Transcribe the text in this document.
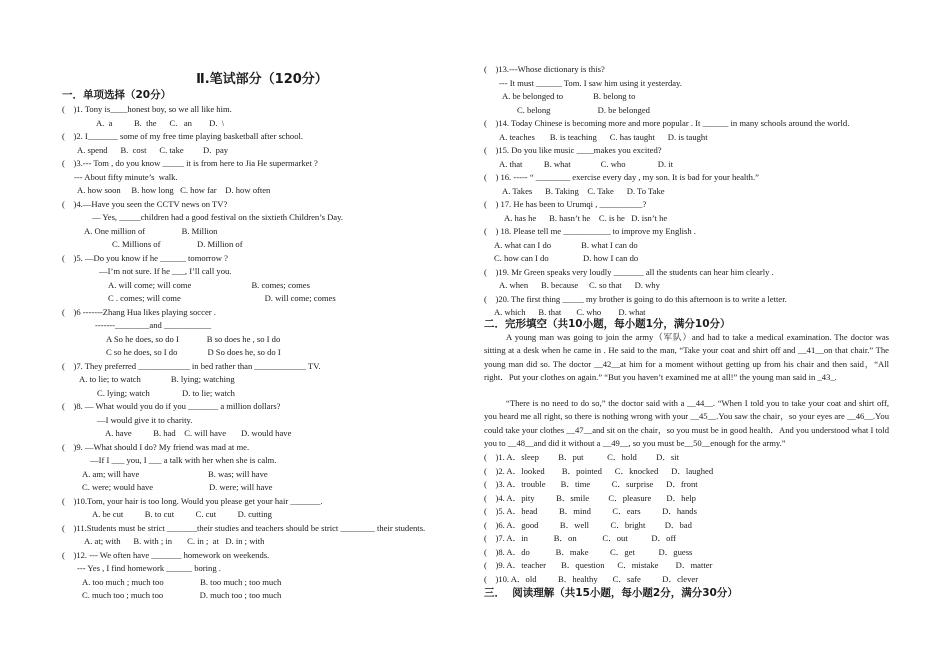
Ⅱ.笔试部分（120分）
一．单项选择（20分）
(    )1. Tony is____honest boy, so we all like him.
A.  a          B.  the      C.   an        D.  \
(    )2. I_______ some of my free time playing basketball after school.
A. spend      B.  cost      C. take         D.  pay
(    )3.--- Tom , do you know _____ it is from here to Jia He supermarket ?
--- About fifty minute’s  walk.
A. how soon     B. how long   C. how far    D. how often
(    )4.—Have you seen the CCTV news on TV?
— Yes, _____children had a good festival on the sixtieth Children’s Day.
A. One million of                 B. Million
C. Millions of                 D. Million of
(    )5. —Do you know if he ______ tomorrow ?
—I’m not sure. If he ___, I’ll call you.
A. will come; will come                            B. comes; comes
C . comes; will come                                       D. will come; comes
(    )6 -------Zhang Hua likes playing soccer .
-------________and ___________
A So he does, so do I             B so does he , so I do
C so he does, so I do              D So does he, so do I
(    )7. They preferred ____________ in bed rather than ____________ TV.
A. to lie; to watch              B. lying; watching
C. lying; watch               D. to lie; watch
(    )8. — What would you do if you _______ a million dollars?
—I would give it to charity.
A. have          B. had    C. will have       D. would have
(    )9. —What should I do? My friend was mad at me.
—If I ___ you, I ___ a talk with her when she is calm.
A. am; will have                                B. was; will have
C. were; would have                          D. were; will have
(    )10.Tom, your hair is too long. Would you please get your hair _______.
A. be cut          B. to cut          C. cut          D. cutting
(    )11.Students must be strict _______their studies and teachers should be strict ________ their students.
A. at; with      B. with ; in       C. in ;  at   D. in ; with
(    )12. --- We often have _______ homework on weekends.
--- Yes , I find homework ______ boring .
A. too much ; much too                 B. too much ; too much
C. much too ; much too                 D. much too ; too much
二．完形填空（共10小题，每小题1分，满分10分）
A young man was going to join the army（军队）and had to take a medical examination. The doctor was sitting at a desk when he came in . He said to the man, “Take your coat and shirt off and __41__on that chair.” The young man did so. The doctor __42__at him for a moment without getting up from his chair and then said，“All right．Put your clothes on again.” “But you haven’t examined me at all!” the young man said in _43_.
“There is no need to do so,” the doctor said with a __44__. “When I told you to take your coat and shirt off, you heard me all right, so there is nothing wrong with your __45__.You saw the chair，so your eyes are __46__.You could take your clothes __47__and sit on the chair，so you must be in good health．And you understood what I told you to __48__and did it without a __49__, so you must be__50__enough for the army.”
三．  阅读理解（共15小题，每小题2分，满分30分）
(    )13.---Whose dictionary is this?
--- It must ______ Tom. I saw him using it yesterday.
A. be belonged to              B. belong to
C. belong                      D. be belonged
(    )14. Today Chinese is becoming more and more popular . It ______ in many schools around the world.
A. teaches       B. is teaching      C. has taught      D. is taught
(    )15. Do you like music ____makes you excited?
A. that          B. what              C. who               D. it
(    ) 16. ----- “ ________ exercise every day , my son. It is bad for your health.”
A. Takes      B. Taking    C. Take      D. To Take
(    ) 17. He has been to Urumqi , __________?
A. has he      B. hasn’t he    C. is he   D. isn’t he
(    ) 18. Please tell me ___________ to improve my English .
A. what can I do              B. what I can do
C. how can I do                D. how I can do
(    )19. Mr Green speaks very loudly _______ all the students can hear him clearly .
A. when      B. because     C. so that      D. why
(    )20. The first thing _____ my brother is going to do this afternoon is to write a letter.
A. which      B. that       C. who        D. what
(    )1. A．sleep         B．put           C．hold         D．sit
(    )2. A．looked        B．pointed      C．knocked      D．laughed
(    )3. A．trouble       B．time          C．surprise      D．front
(    )4. A．pity          B．smile         C．pleasure       D．help
(    )5. A．head          B．mind          C．ears          D．hands
(    )6. A．good          B．well          C．bright         D．bad
(    )7. A．in            B．on            C．out           D．off
(    )8. A．do            B．make          C．get           D．guess
(    )9. A．teacher       B．question      C．mistake        D．matter
(    )10. A．old          B．healthy       C．safe          D．clever
